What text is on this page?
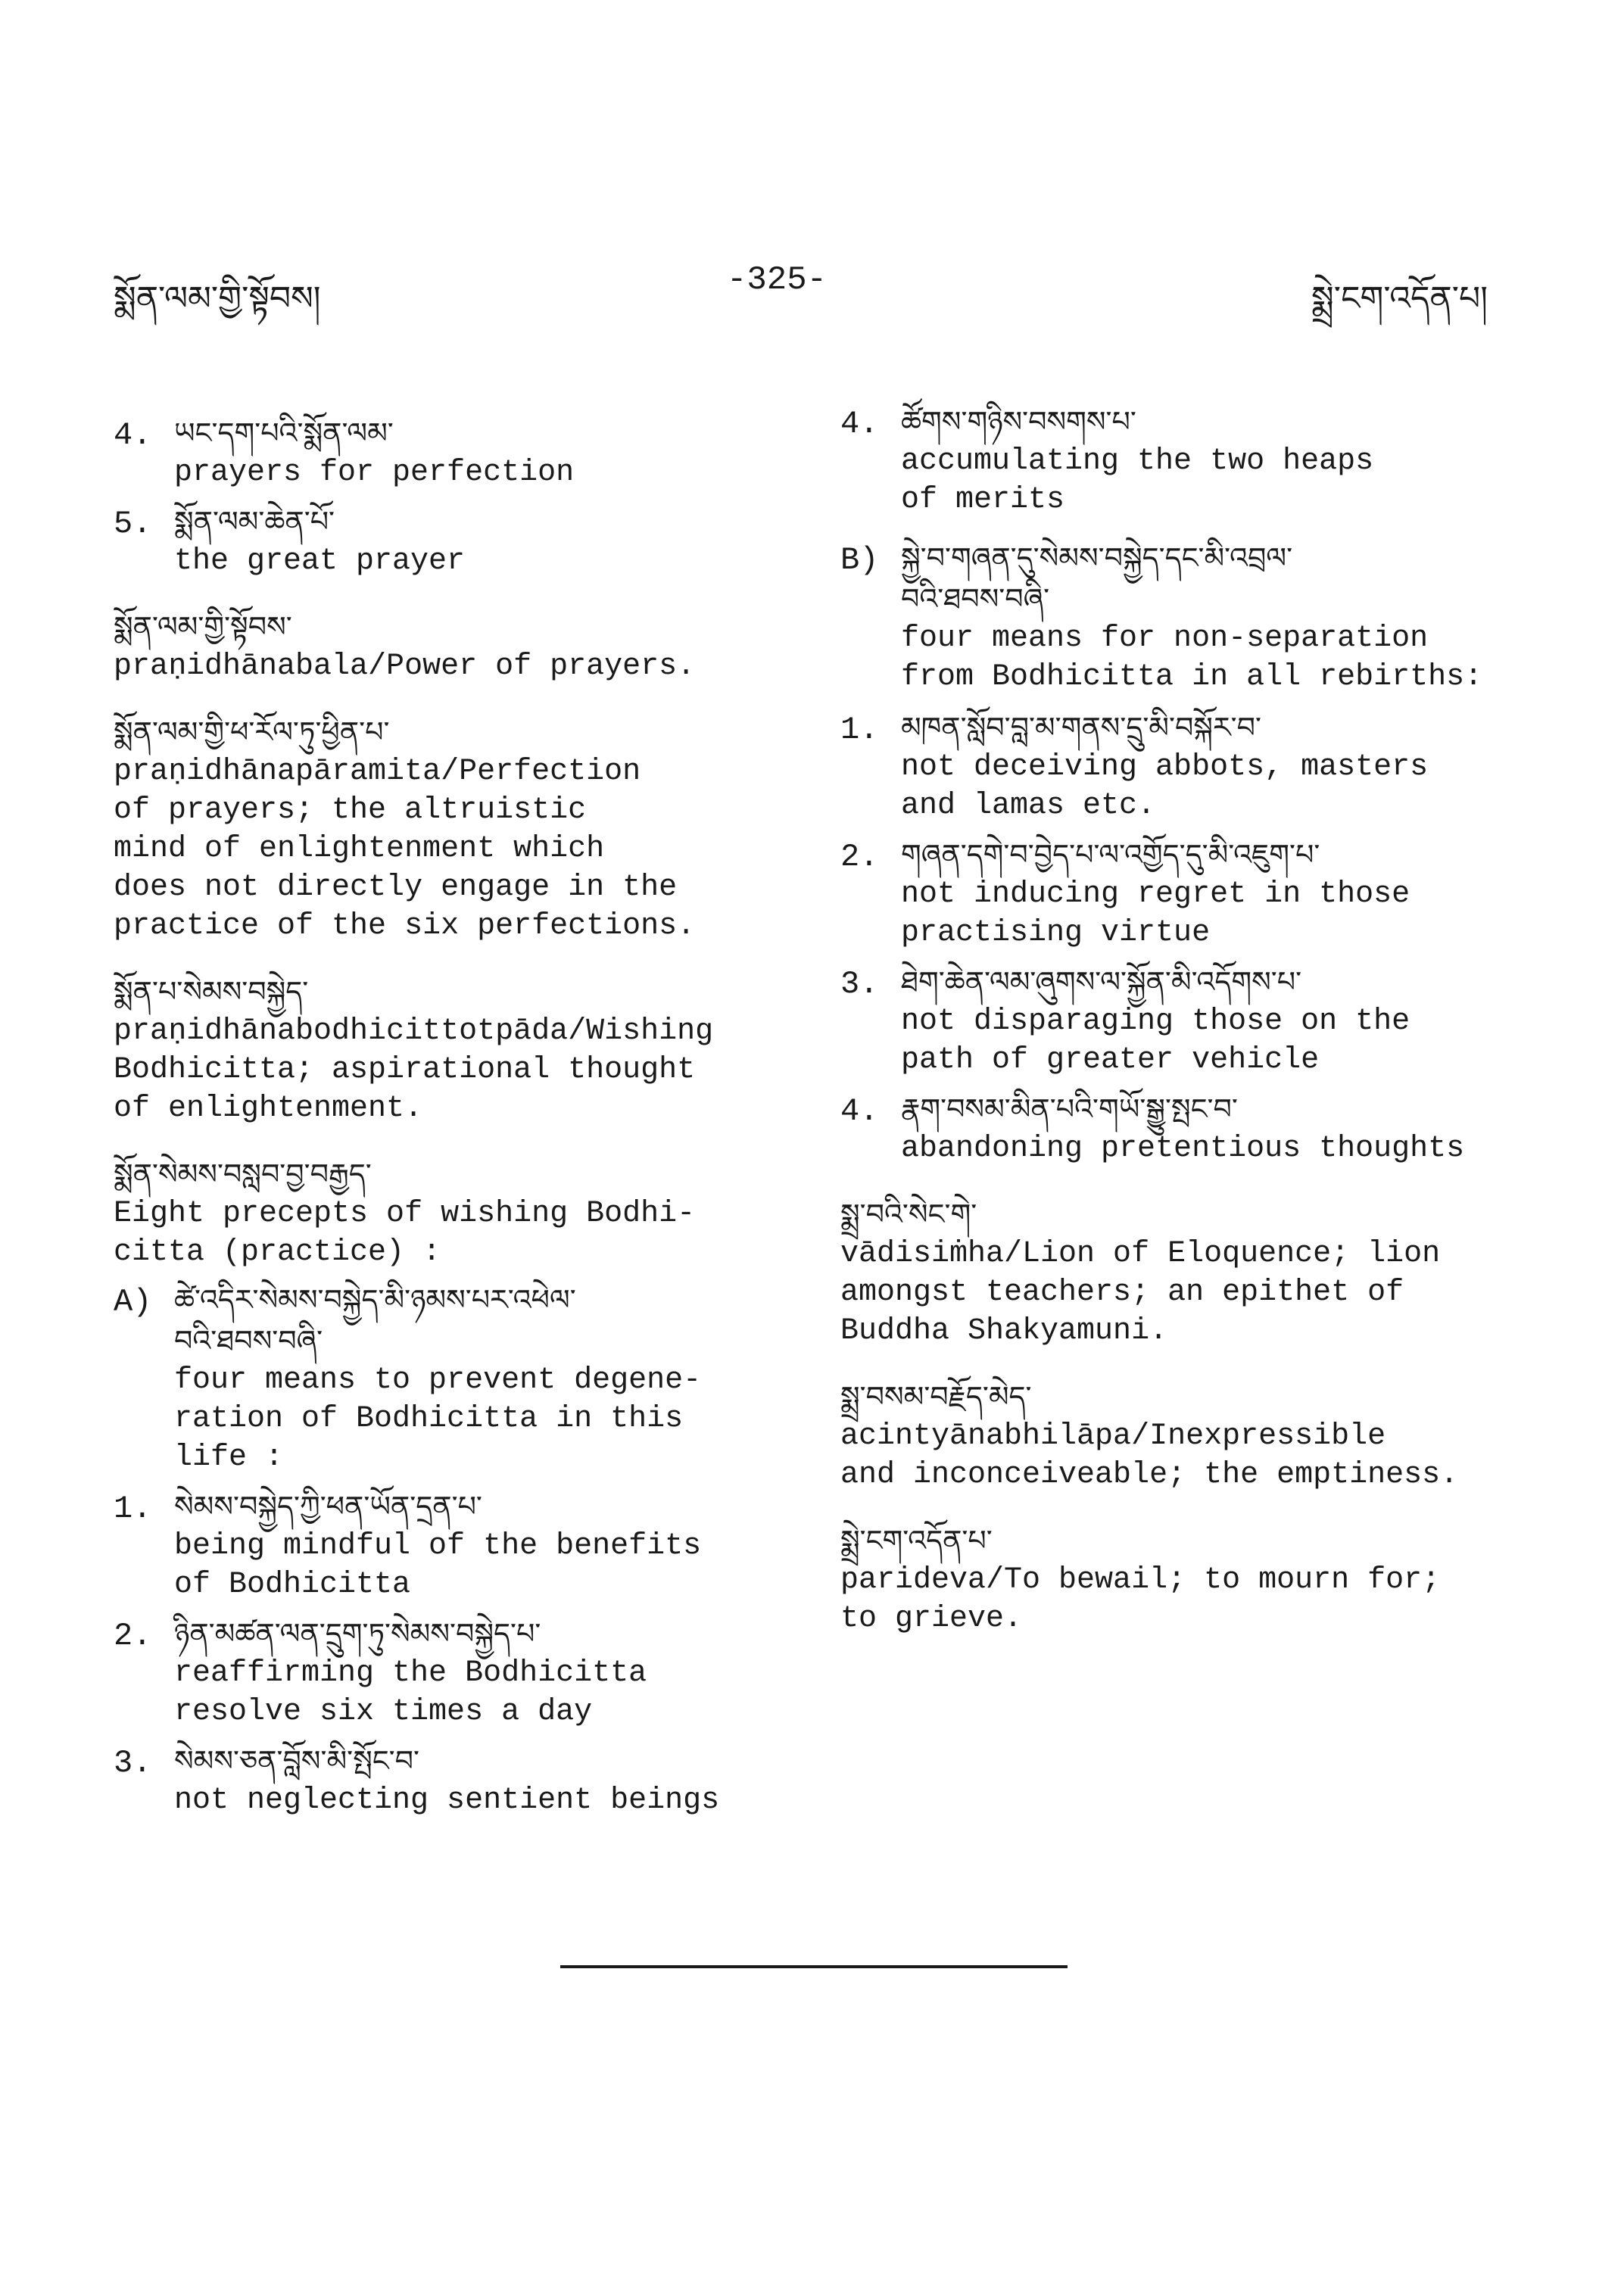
སྨོན་ལམ་གྱི་སྟོབས།	-325-	སྨྲེ་ངག་འདོན་པ།
4. ཡང་དག་པའི་སྨོན་ལམ་
prayers for perfection
5. སྨོན་ལམ་ཆེན་པོ་
the great prayer
སྨོན་ལམ་གྱི་སྟོབས་
praṇidhānabala/Power of prayers.
སྨོན་ལམ་གྱི་ཕ་རོལ་ཏུ་ཕྱིན་པ་
praṇidhānapāramita/Perfection
of prayers; the altruistic
mind of enlightenment which
does not directly engage in the
practice of the six perfections.
སྨོན་པ་སེམས་བསྐྱེད་
praṇidhānabodhicittotpāda/Wishing
Bodhicitta; aspirational thought
of enlightenment.
སྨོན་སེམས་བསླབ་བྱ་བརྒྱད་
Eight precepts of wishing Bodhi-
citta (practice) :
A) ཚེ་འདིར་སེམས་བསྐྱེད་མི་ཉམས་པར་འཕེལ་
བའི་ཐབས་བཞི་
four means to prevent degene-
ration of Bodhicitta in this
life :
1. སེམས་བསྐྱེད་ཀྱི་ཕན་ཡོན་དྲན་པ་
being mindful of the benefits
of Bodhicitta
2. ཉིན་མཚན་ལན་དྲུག་ཏུ་སེམས་བསྐྱེད་པ་
reaffirming the Bodhicitta
resolve six times a day
3. སེམས་ཅན་བློས་མི་སྤོང་བ་
not neglecting sentient beings
4. ཚོགས་གཉིས་བསགས་པ་
accumulating the two heaps
of merits
B) སྐྱེ་བ་གཞན་དུ་སེམས་བསྐྱེད་དང་མི་འབྲལ་
བའི་ཐབས་བཞི་
four means for non-separation
from Bodhicitta in all rebirths:
1. མཁན་སློབ་བླ་མ་གནས་དྲུ་མི་བསྐོར་བ་
not deceiving abbots, masters
and lamas etc.
2. གཞན་དགེ་བ་བྱེད་པ་ལ་འགྱོད་དུ་མི་འཇུག་པ་
not inducing regret in those
practising virtue
3. ཐེག་ཆེན་ལམ་ཞུགས་ལ་སྐྱོན་མི་འདོགས་པ་
not disparaging those on the
path of greater vehicle
4. རྣག་བསམ་མིན་པའི་གཡོ་སྒྱུ་སྤང་བ་
abandoning pretentious thoughts
སྨྲ་བའི་སེང་གེ་
vādisiṁha/Lion of Eloquence; lion
amongst teachers; an epithet of
Buddha Shakyamuni.
སྨྲ་བསམ་བརྗོད་མེད་
acintyānabhilāpa/Inexpressible
and inconceiveable; the emptiness.
སྨྲེ་ངག་འདོན་པ་
parideva/To bewail; to mourn for;
to grieve.
